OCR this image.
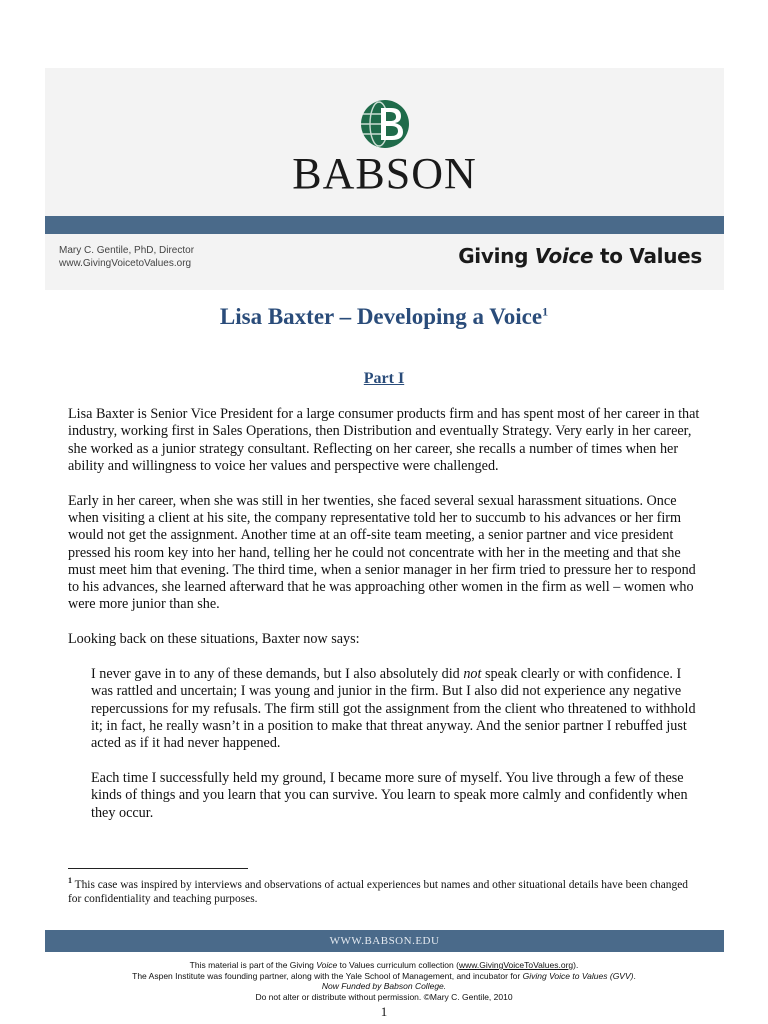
BABSON
Mary C. Gentile, PhD, Director
www.GivingVoicetoValues.org	Giving Voice to Values
Lisa Baxter – Developing a Voice$^1$
Part I

Lisa Baxter is Senior Vice President for a large consumer products firm and has spent most of her career in that industry, working first in Sales Operations, then Distribution and eventually Strategy. Very early in her career, she worked as a junior strategy consultant. Reflecting on her career, she recalls a number of times when her ability and willingness to voice her values and perspective were challenged.

Early in her career, when she was still in her twenties, she faced several sexual harassment situations. Once when visiting a client at his site, the company representative told her to succumb to his advances or her firm would not get the assignment. Another time at an off-site team meeting, a senior partner and vice president pressed his room key into her hand, telling her he could not concentrate with her in the meeting and that she must meet him that evening. The third time, when a senior manager in her firm tried to pressure her to respond to his advances, she learned afterward that he was approaching other women in the firm as well – women who were more junior than she.

Looking back on these situations, Baxter now says:

I never gave in to any of these demands, but I also absolutely did not speak clearly or with confidence. I was rattled and uncertain; I was young and junior in the firm. But I also did not experience any negative repercussions for my refusals. The firm still got the assignment from the client who threatened to withhold it; in fact, he really wasn’t in a position to make that threat anyway. And the senior partner I rebuffed just acted as if it had never happened.

Each time I successfully held my ground, I became more sure of myself. You live through a few of these kinds of things and you learn that you can survive. You learn to speak more calmly and confidently when they occur.

$^1$ This case was inspired by interviews and observations of actual experiences but names and other situational details have been changed for confidentiality and teaching purposes.
WWW.BABSON.EDU
This material is part of the Giving Voice to Values curriculum collection (www.GivingVoiceToValues.org).
The Aspen Institute was founding partner, along with the Yale School of Management, and incubator for Giving Voice to Values (GVV).
Now Funded by Babson College.
Do not alter or distribute without permission. ©Mary C. Gentile, 2010
1
